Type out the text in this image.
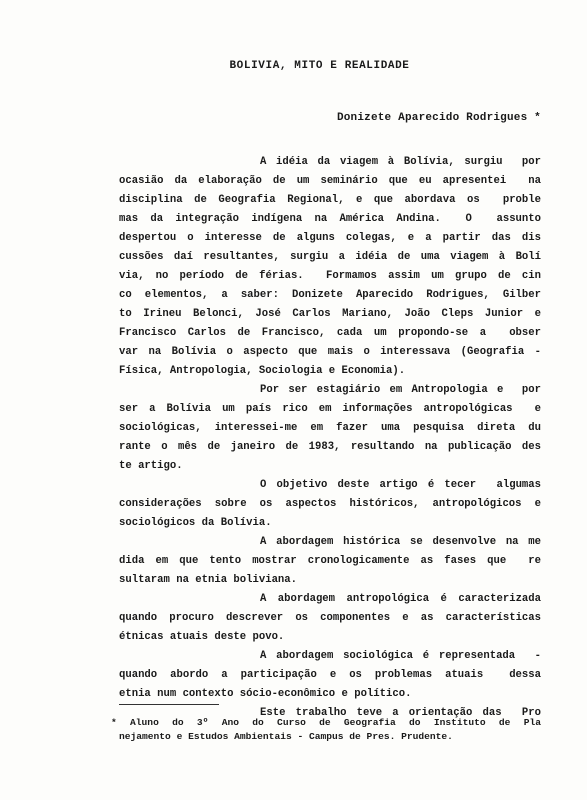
BOLIVIA, MITO E REALIDADE
Donizete Aparecido Rodrigues *
A idéia da viagem à Bolívia, surgiu  por
ocasião da elaboração de um seminário que eu apresentei  na
disciplina de Geografia Regional, e que abordava os  proble
mas da integração indígena na América Andina.  O  assunto
despertou o interesse de alguns colegas, e a partir das dis
cussões daí resultantes, surgiu a idéia de uma viagem à Bolí
via, no período de férias.  Formamos assim um grupo de cin
co elementos, a saber: Donizete Aparecido Rodrigues, Gilber
to Irineu Belonci, José Carlos Mariano, João Cleps Junior e
Francisco Carlos de Francisco, cada um propondo-se a  obser
var na Bolívia o aspecto que mais o interessava (Geografia -
Física, Antropologia, Sociologia e Economia).
Por ser estagiário em Antropologia e  por
ser a Bolívia um país rico em informações antropológicas  e
sociológicas, interessei-me em fazer uma pesquisa direta du
rante o mês de janeiro de 1983, resultando na publicação des
te artigo.
O objetivo deste artigo é tecer  algumas
considerações sobre os aspectos históricos, antropológicos e
sociológicos da Bolívia.
A abordagem histórica se desenvolve na me
dida em que tento mostrar cronologicamente as fases que  re
sultaram na etnia boliviana.
A abordagem antropológica é caracterizada
quando procuro descrever os componentes e as características
étnicas atuais deste povo.
A abordagem sociológica é representada  -
quando abordo a participação e os problemas atuais  dessa
etnia num contexto sócio-econômico e político.
Este trabalho teve a orientação das  Pro
* Aluno do 3º Ano do Curso de Geografia do Instituto de Pla
nejamento e Estudos Ambientais - Campus de Pres. Prudente.
